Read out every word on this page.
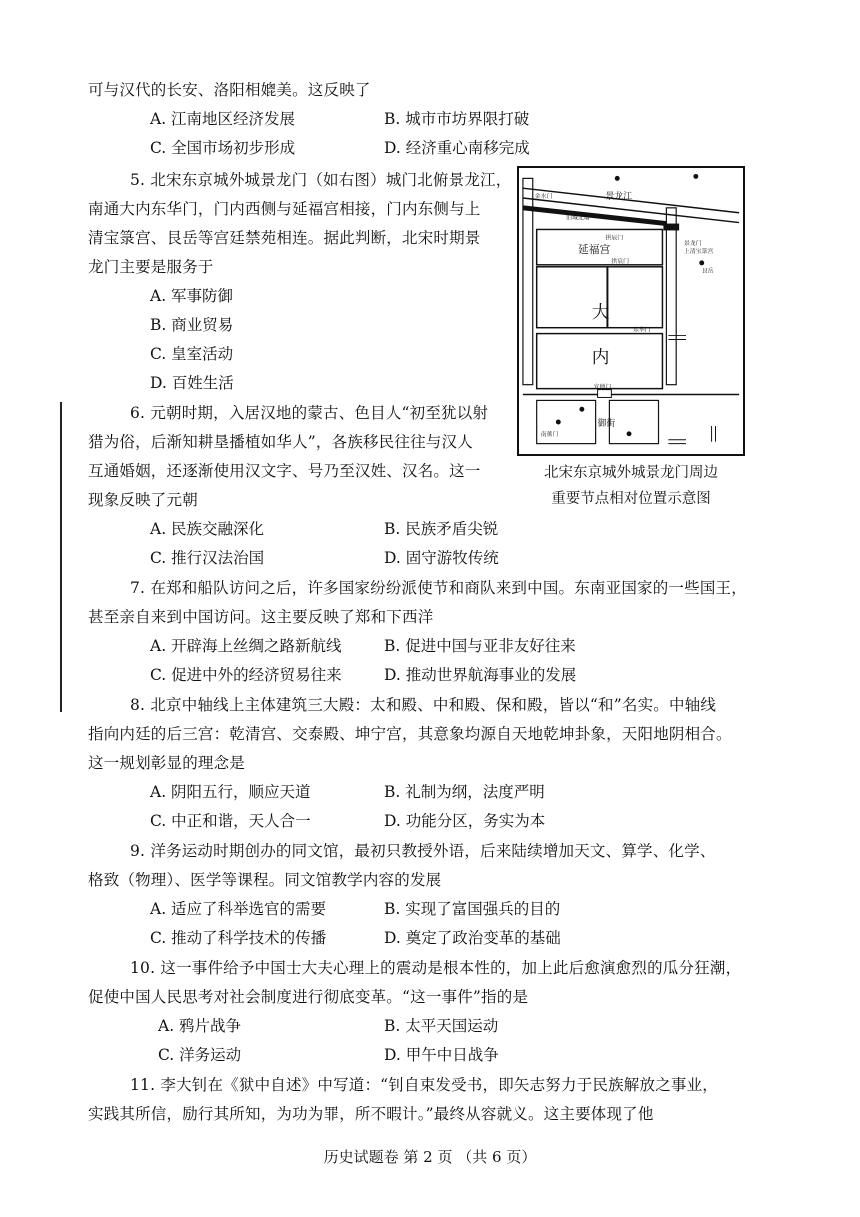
可与汉代的长安、洛阳相媲美。这反映了
A. 江南地区经济发展	B. 城市市坊界限打破
C. 全国市场初步形成	D. 经济重心南移完成
5. 北宋东京城外城景龙门（如右图）城门北俯景龙江，
南通大内东华门，门内西侧与延福宫相接，门内东侧与上
清宝箓宫、艮岳等宫廷禁苑相连。据此判断，北宋时期景
龙门主要是服务于
A. 军事防御
B. 商业贸易
C. 皇室活动
D. 百姓生活
景龙江
旧城北墙
金水门
延福宫
拱辰门
景龙门
上清宝箓宫
艮岳
大
内
东华门
拱宸门
宣德门
御街
南薰门
·
北宋东京城外城景龙门周边
重要节点相对位置示意图
6. 元朝时期，入居汉地的蒙古、色目人“初至犹以射
猎为俗，后渐知耕垦播植如华人”，各族移民往往与汉人
互通婚姻，还逐渐使用汉文字、号乃至汉姓、汉名。这一
现象反映了元朝
A. 民族交融深化	B. 民族矛盾尖锐
C. 推行汉法治国	D. 固守游牧传统
7. 在郑和船队访问之后，许多国家纷纷派使节和商队来到中国。东南亚国家的一些国王，
甚至亲自来到中国访问。这主要反映了郑和下西洋
A. 开辟海上丝绸之路新航线	B. 促进中国与亚非友好往来
C. 促进中外的经济贸易往来	D. 推动世界航海事业的发展
8. 北京中轴线上主体建筑三大殿：太和殿、中和殿、保和殿，皆以“和”名实。中轴线
指向内廷的后三宫：乾清宫、交泰殿、坤宁宫，其意象均源自天地乾坤卦象，天阳地阴相合。
这一规划彰显的理念是
A. 阴阳五行，顺应天道	B. 礼制为纲，法度严明
C. 中正和谐，天人合一	D. 功能分区，务实为本
9. 洋务运动时期创办的同文馆，最初只教授外语，后来陆续增加天文、算学、化学、
格致（物理）、医学等课程。同文馆教学内容的发展
A. 适应了科举选官的需要	B. 实现了富国强兵的目的
C. 推动了科学技术的传播	D. 奠定了政治变革的基础
10. 这一事件给予中国士大夫心理上的震动是根本性的，加上此后愈演愈烈的瓜分狂潮，
促使中国人民思考对社会制度进行彻底变革。“这一事件”指的是
A. 鸦片战争	B. 太平天国运动
C. 洋务运动	D. 甲午中日战争
11. 李大钊在《狱中自述》中写道：“钊自束发受书，即矢志努力于民族解放之事业，
实践其所信，励行其所知，为功为罪，所不暇计。”最终从容就义。这主要体现了他
历史试题卷 第 2 页 （共 6 页）
